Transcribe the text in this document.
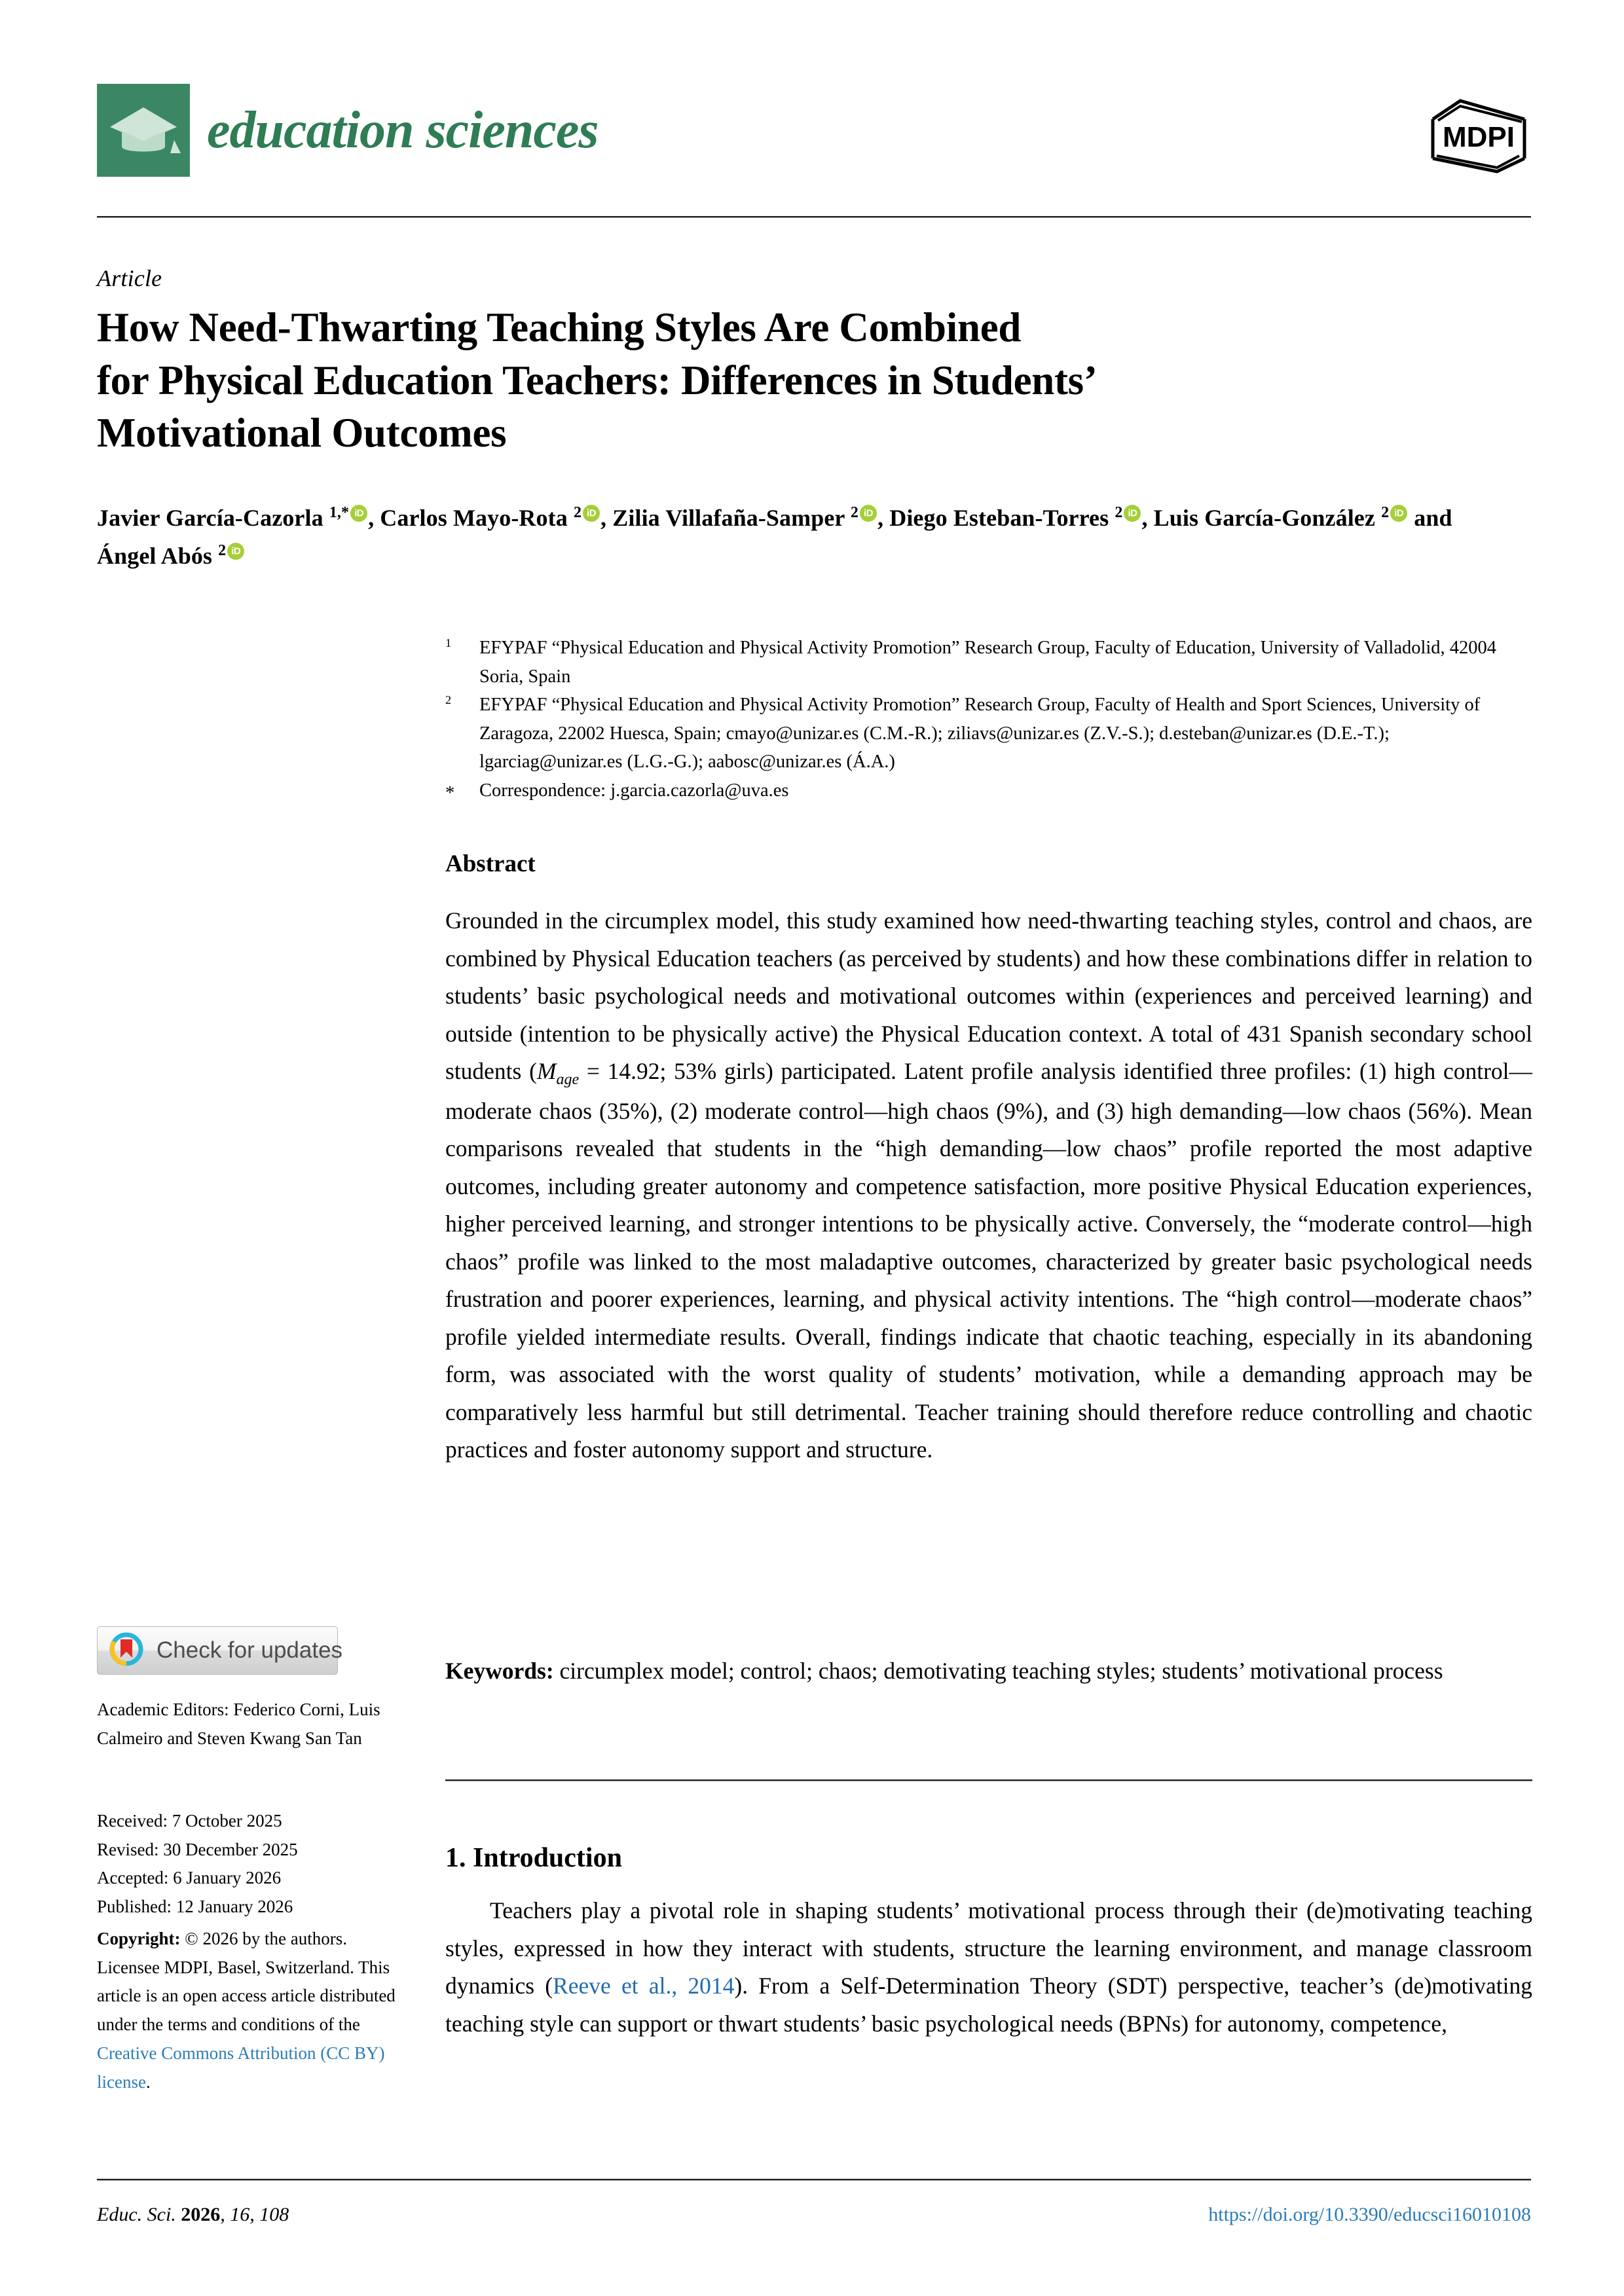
education sciences	MDPI
Article
How Need-Thwarting Teaching Styles Are Combined
for Physical Education Teachers: Differences in Students’
Motivational Outcomes
Javier García-Cazorla $^{1,*}$ iD , Carlos Mayo-Rota $^2$ iD , Zilia Villafaña-Samper $^2$ iD , Diego Esteban-Torres $^2$ iD , Luis García-González $^2$iD and Ángel Abós $^2$iD
$^1$	EFYPAF “Physical Education and Physical Activity Promotion” Research Group, Faculty of Education, University of Valladolid, 42004 Soria, Spain
$^2$	EFYPAF “Physical Education and Physical Activity Promotion” Research Group, Faculty of Health and Sport Sciences, University of Zaragoza, 22002 Huesca, Spain; cmayo@unizar.es (C.M.-R.); ziliavs@unizar.es (Z.V.-S.); d.esteban@unizar.es (D.E.-T.); lgarciag@unizar.es (L.G.-G.); aabosc@unizar.es (Á.A.)
*	Correspondence: j.garcia.cazorla@uva.es
Abstract
Grounded in the circumplex model, this study examined how need-thwarting teaching styles, control and chaos, are combined by Physical Education teachers (as perceived by students) and how these combinations differ in relation to students’ basic psychological needs and motivational outcomes within (experiences and perceived learning) and outside (intention to be physically active) the Physical Education context. A total of 431 Spanish secondary school students ($M_{age} = 14.92$; 53% girls) participated. Latent profile analysis identified three profiles: (1) high control—moderate chaos (35%), (2) moderate control—high chaos (9%), and (3) high demanding—low chaos (56%). Mean comparisons revealed that students in the “high demanding—low chaos” profile reported the most adaptive outcomes, including greater autonomy and competence satisfaction, more positive Physical Education experiences, higher perceived learning, and stronger intentions to be physically active. Conversely, the “moderate control—high chaos” profile was linked to the most maladaptive outcomes, characterized by greater basic psychological needs frustration and poorer experiences, learning, and physical activity intentions. The “high control—moderate chaos” profile yielded intermediate results. Overall, findings indicate that chaotic teaching, especially in its abandoning form, was associated with the worst quality of students’ motivation, while a demanding approach may be comparatively less harmful but still detrimental. Teacher training should therefore reduce controlling and chaotic practices and foster autonomy support and structure.
Keywords: circumplex model; control; chaos; demotivating teaching styles; students’ motivational process
1. Introduction
Teachers play a pivotal role in shaping students’ motivational process through their (de)motivating teaching styles, expressed in how they interact with students, structure the learning environment, and manage classroom dynamics (Reeve et al., 2014). From a Self-Determination Theory (SDT) perspective, teacher’s (de)motivating teaching style can support or thwart students’ basic psychological needs (BPNs) for autonomy, competence,
Check for updates
Academic Editors: Federico Corni, Luis Calmeiro and Steven Kwang San Tan
Received: 7 October 2025
Revised: 30 December 2025
Accepted: 6 January 2026
Published: 12 January 2026
Copyright: © 2026 by the authors. Licensee MDPI, Basel, Switzerland. This article is an open access article distributed under the terms and conditions of the Creative Commons Attribution (CC BY) license.
Educ. Sci. 2026, 16, 108	https://doi.org/10.3390/educsci16010108
